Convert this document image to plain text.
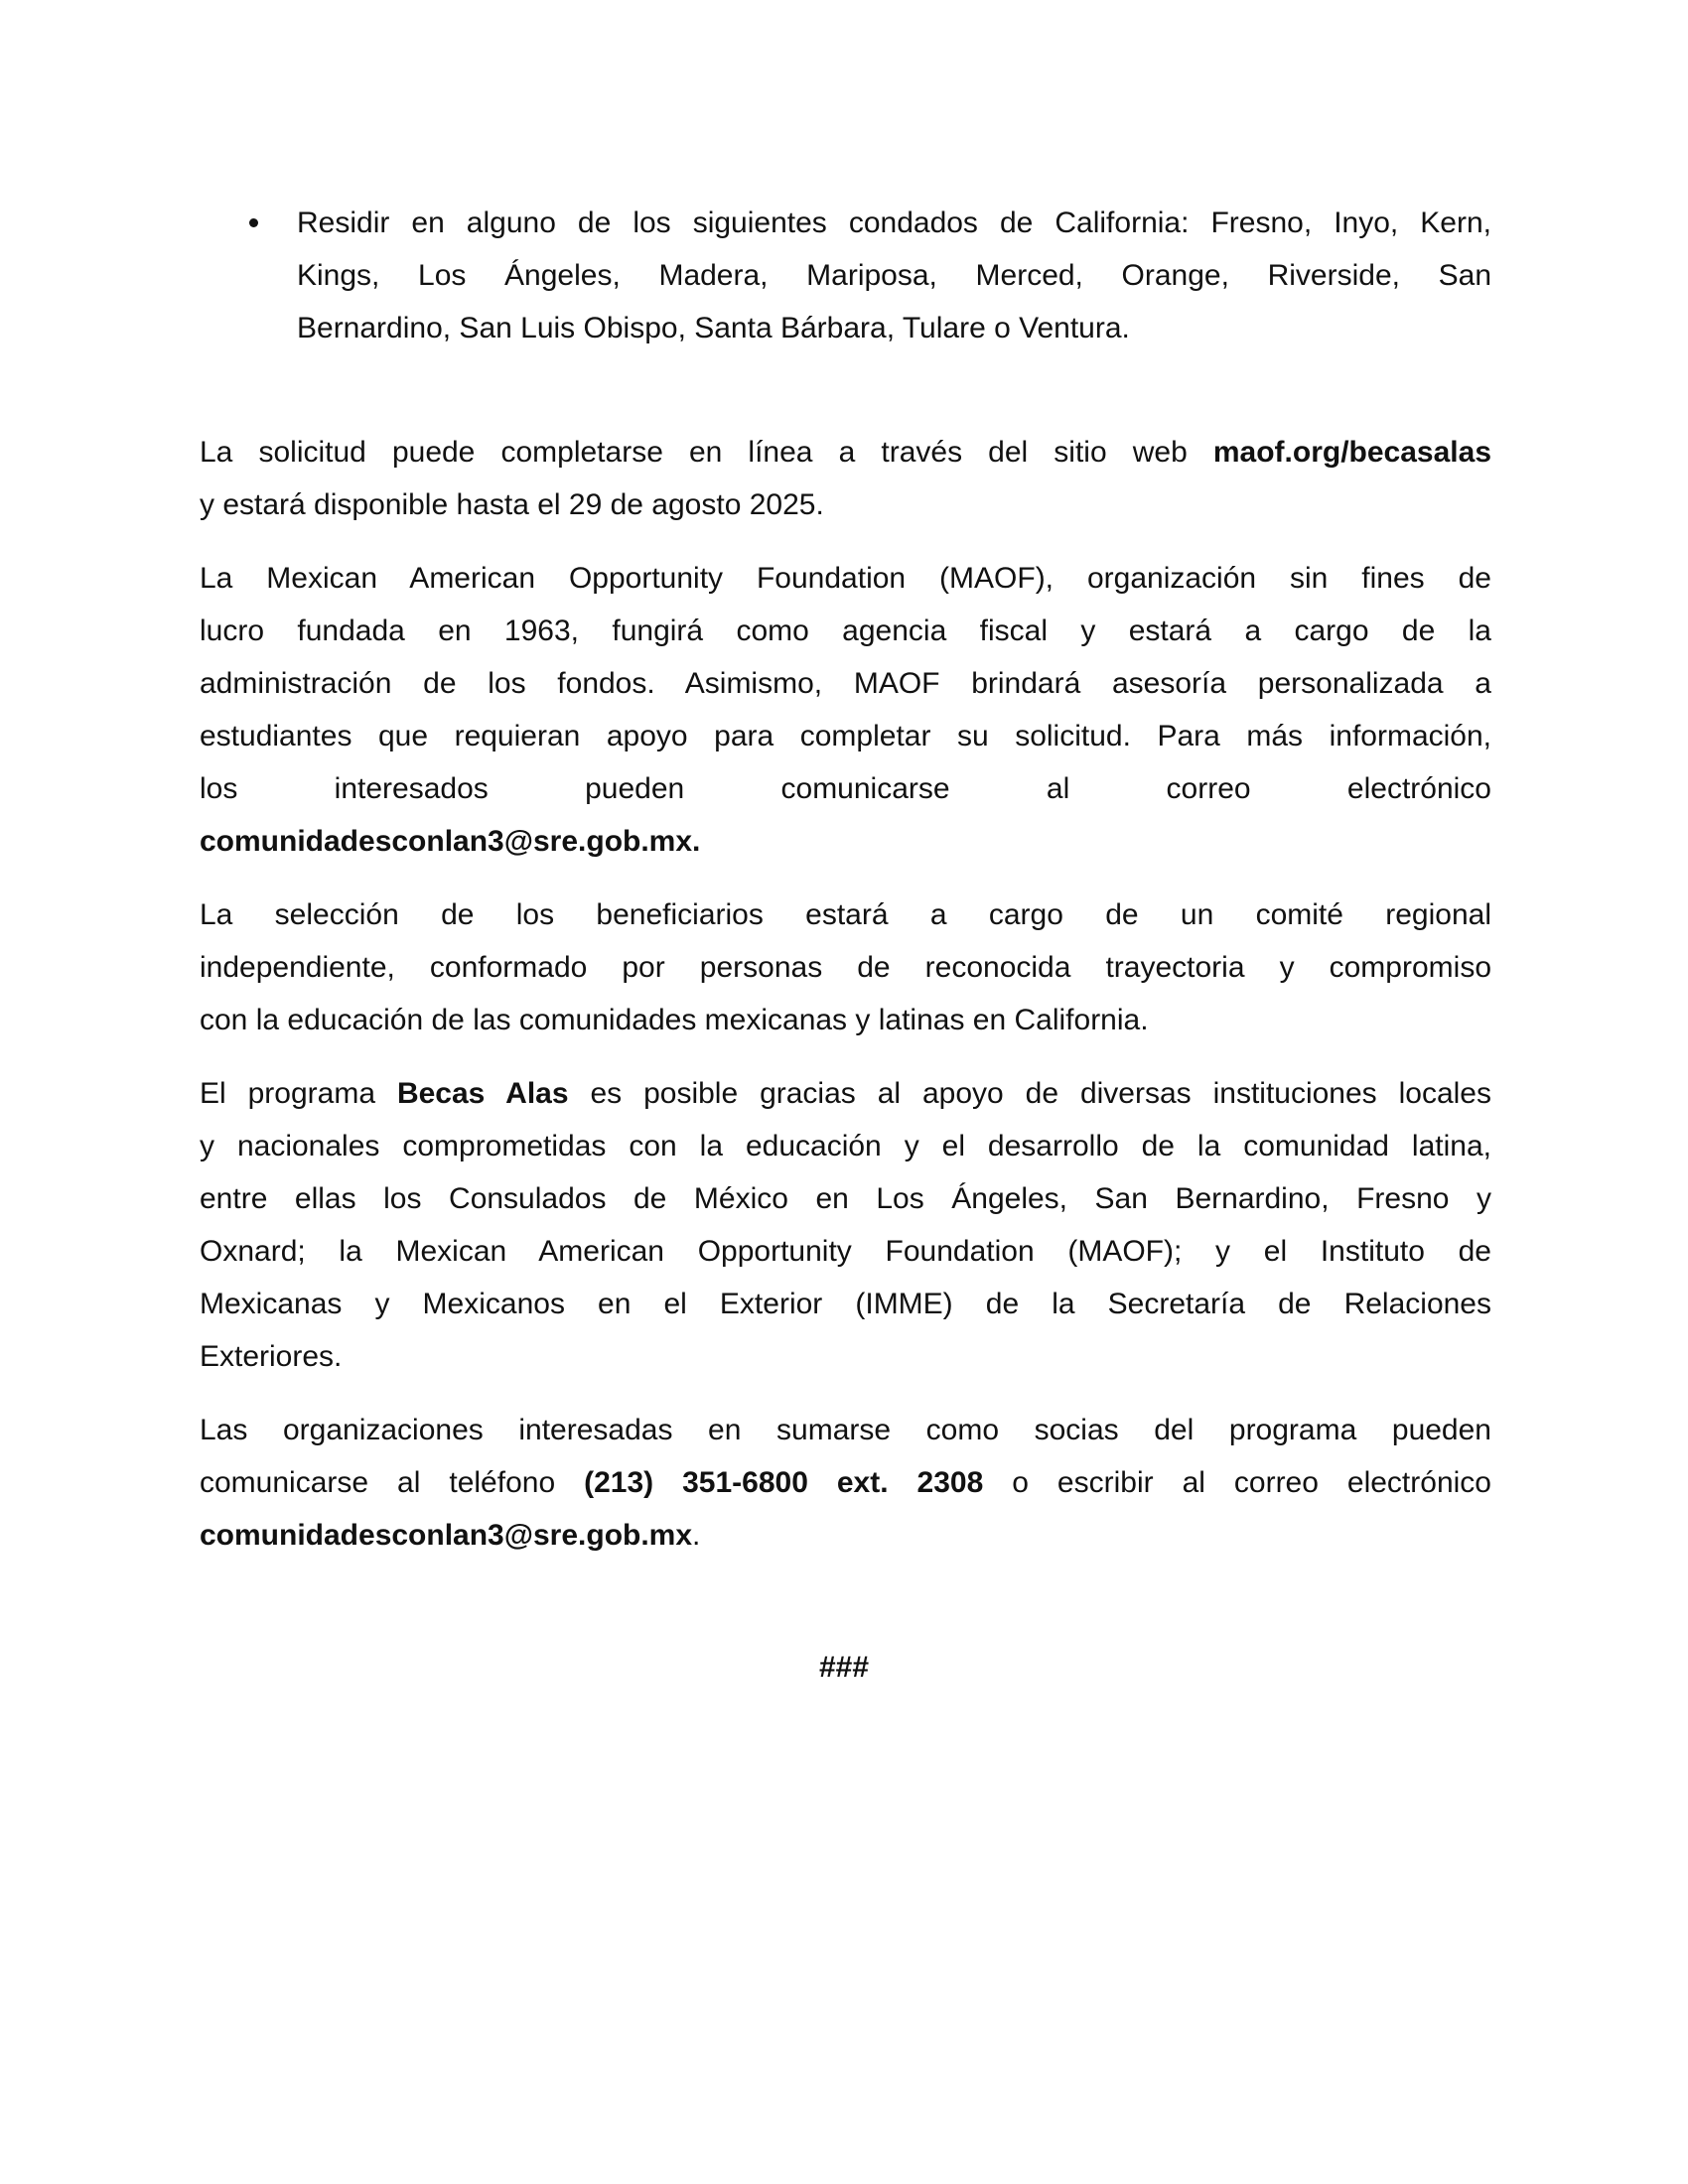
Residir en alguno de los siguientes condados de California: Fresno, Inyo, Kern,
Kings, Los Ángeles, Madera, Mariposa, Merced, Orange, Riverside, San
Bernardino, San Luis Obispo, Santa Bárbara, Tulare o Ventura.
La solicitud puede completarse en línea a través del sitio web maof.org/becasalas
y estará disponible hasta el 29 de agosto 2025.
La Mexican American Opportunity Foundation (MAOF), organización sin fines de
lucro fundada en 1963, fungirá como agencia fiscal y estará a cargo de la
administración de los fondos. Asimismo, MAOF brindará asesoría personalizada a
estudiantes que requieran apoyo para completar su solicitud. Para más información,
los interesados pueden comunicarse al correo electrónico
comunidadesconlan3@sre.gob.mx.
La selección de los beneficiarios estará a cargo de un comité regional
independiente, conformado por personas de reconocida trayectoria y compromiso
con la educación de las comunidades mexicanas y latinas en California.
El programa Becas Alas es posible gracias al apoyo de diversas instituciones locales
y nacionales comprometidas con la educación y el desarrollo de la comunidad latina,
entre ellas los Consulados de México en Los Ángeles, San Bernardino, Fresno y
Oxnard; la Mexican American Opportunity Foundation (MAOF); y el Instituto de
Mexicanas y Mexicanos en el Exterior (IMME) de la Secretaría de Relaciones
Exteriores.
Las organizaciones interesadas en sumarse como socias del programa pueden
comunicarse al teléfono (213) 351-6800 ext. 2308 o escribir al correo electrónico
comunidadesconlan3@sre.gob.mx.
###
